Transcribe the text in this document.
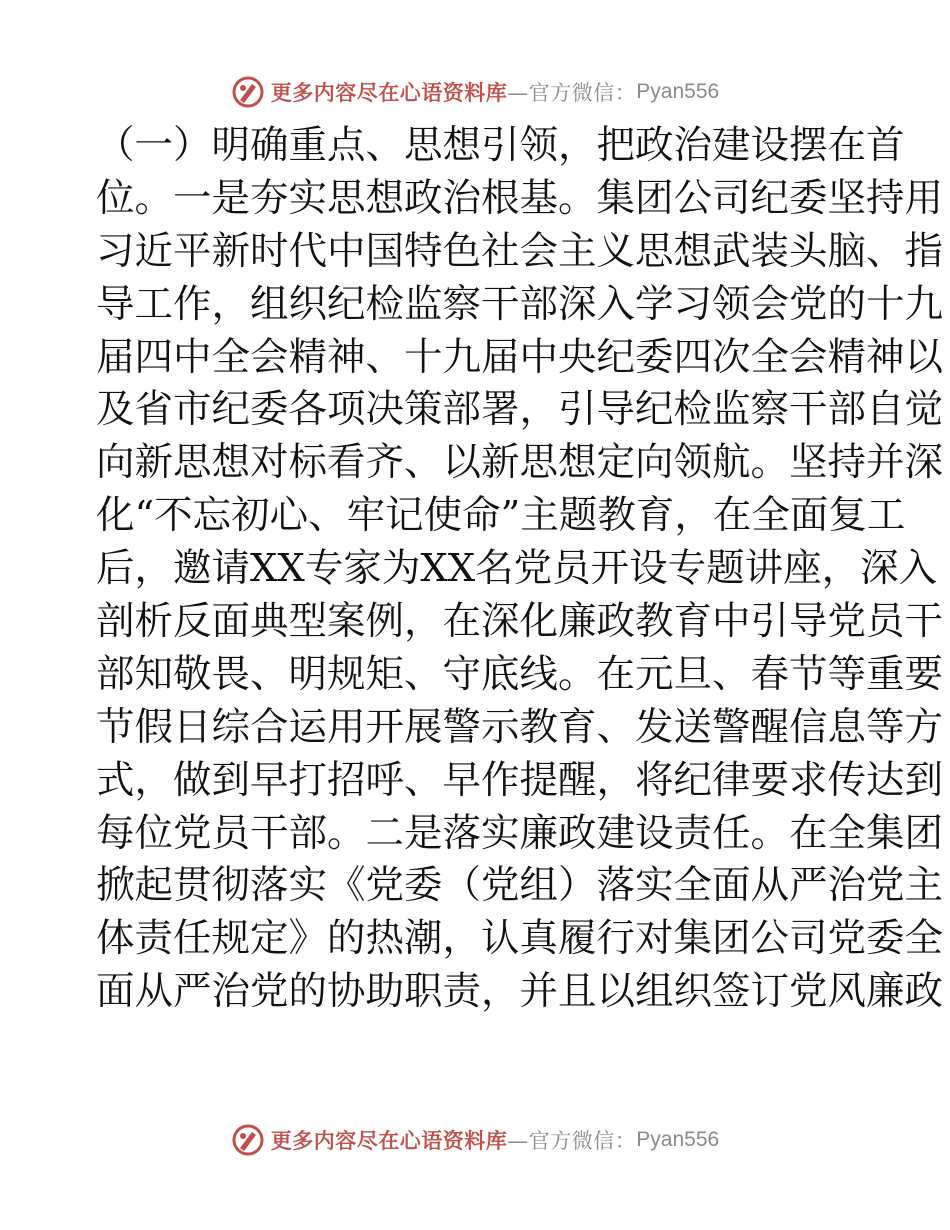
更多内容尽在心语资料库 —官方微信： Pyan556
（一）明确重点、思想引领，把政治建设摆在首
位。一是夯实思想政治根基。集团公司纪委坚持用
习近平新时代中国特色社会主义思想武装头脑、指
导工作，组织纪检监察干部深入学习领会党的十九
届四中全会精神、十九届中央纪委四次全会精神以
及省市纪委各项决策部署，引导纪检监察干部自觉
向新思想对标看齐、以新思想定向领航。坚持并深
化“不忘初心、牢记使命”主题教育，在全面复工
后，邀请XX专家为XX名党员开设专题讲座，深入
剖析反面典型案例，在深化廉政教育中引导党员干
部知敬畏、明规矩、守底线。在元旦、春节等重要
节假日综合运用开展警示教育、发送警醒信息等方
式，做到早打招呼、早作提醒，将纪律要求传达到
每位党员干部。二是落实廉政建设责任。在全集团
掀起贯彻落实《党委（党组）落实全面从严治党主
体责任规定》的热潮，认真履行对集团公司党委全
面从严治党的协助职责，并且以组织签订党风廉政
更多内容尽在心语资料库 —官方微信： Pyan556
